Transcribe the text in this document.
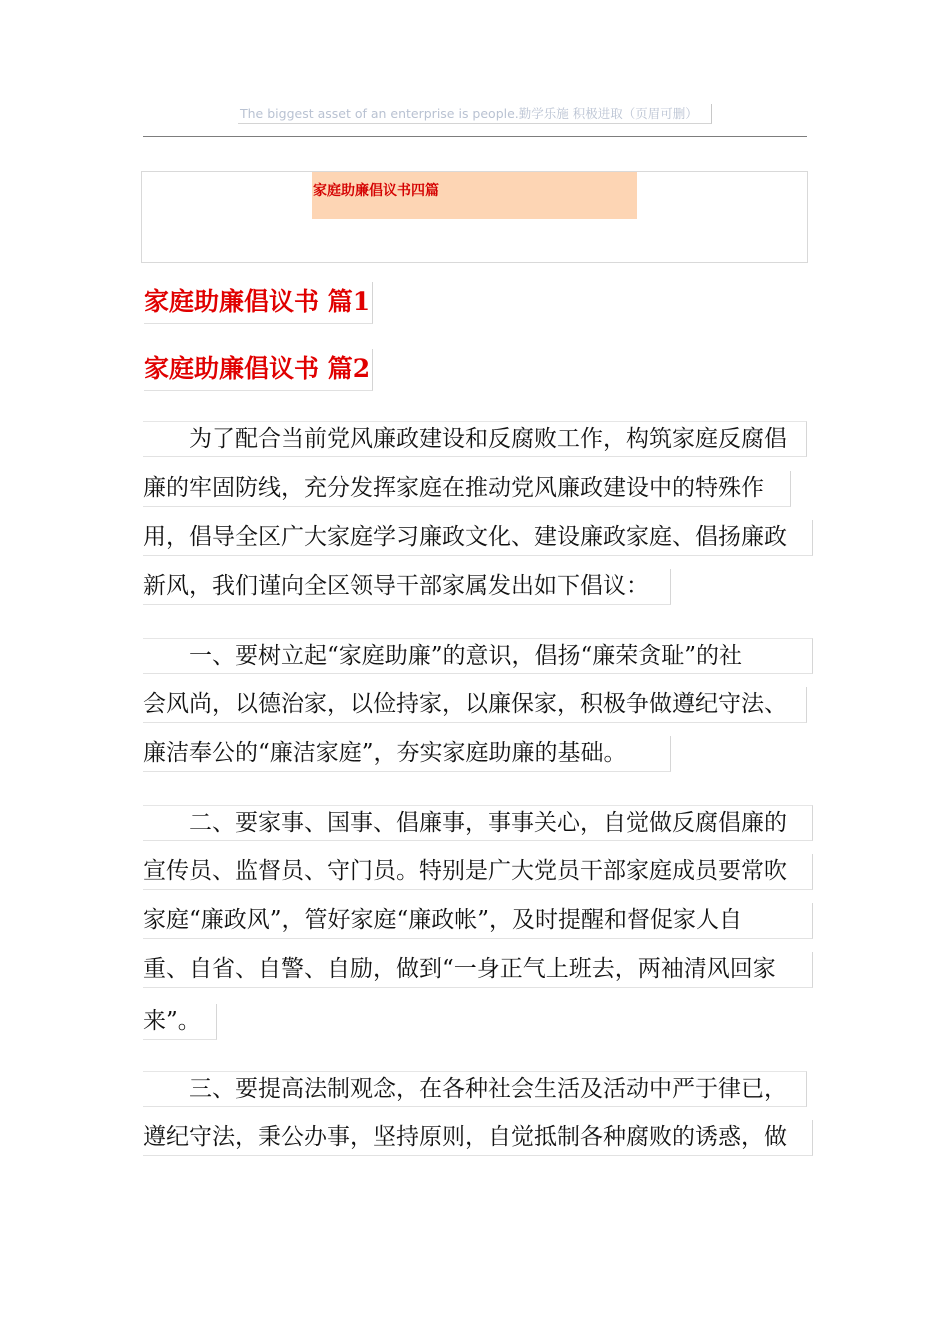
The biggest asset of an enterprise is people.勤学乐施 积极进取（页眉可删）
家庭助廉倡议书四篇
家庭助廉倡议书 篇1
家庭助廉倡议书 篇2
　　为了配合当前党风廉政建设和反腐败工作，构筑家庭反腐倡
廉的牢固防线，充分发挥家庭在推动党风廉政建设中的特殊作
用，倡导全区广大家庭学习廉政文化、建设廉政家庭、倡扬廉政
新风，我们谨向全区领导干部家属发出如下倡议：
　　一、要树立起“家庭助廉”的意识，倡扬“廉荣贪耻”的社
会风尚，以德治家，以俭持家，以廉保家，积极争做遵纪守法、
廉洁奉公的“廉洁家庭”，夯实家庭助廉的基础。
　　二、要家事、国事、倡廉事，事事关心，自觉做反腐倡廉的
宣传员、监督员、守门员。特别是广大党员干部家庭成员要常吹
家庭“廉政风”，管好家庭“廉政帐”，及时提醒和督促家人自
重、自省、自警、自励，做到“一身正气上班去，两袖清风回家
来”。
　　三、要提高法制观念，在各种社会生活及活动中严于律已，
遵纪守法，秉公办事，坚持原则，自觉抵制各种腐败的诱惑，做
